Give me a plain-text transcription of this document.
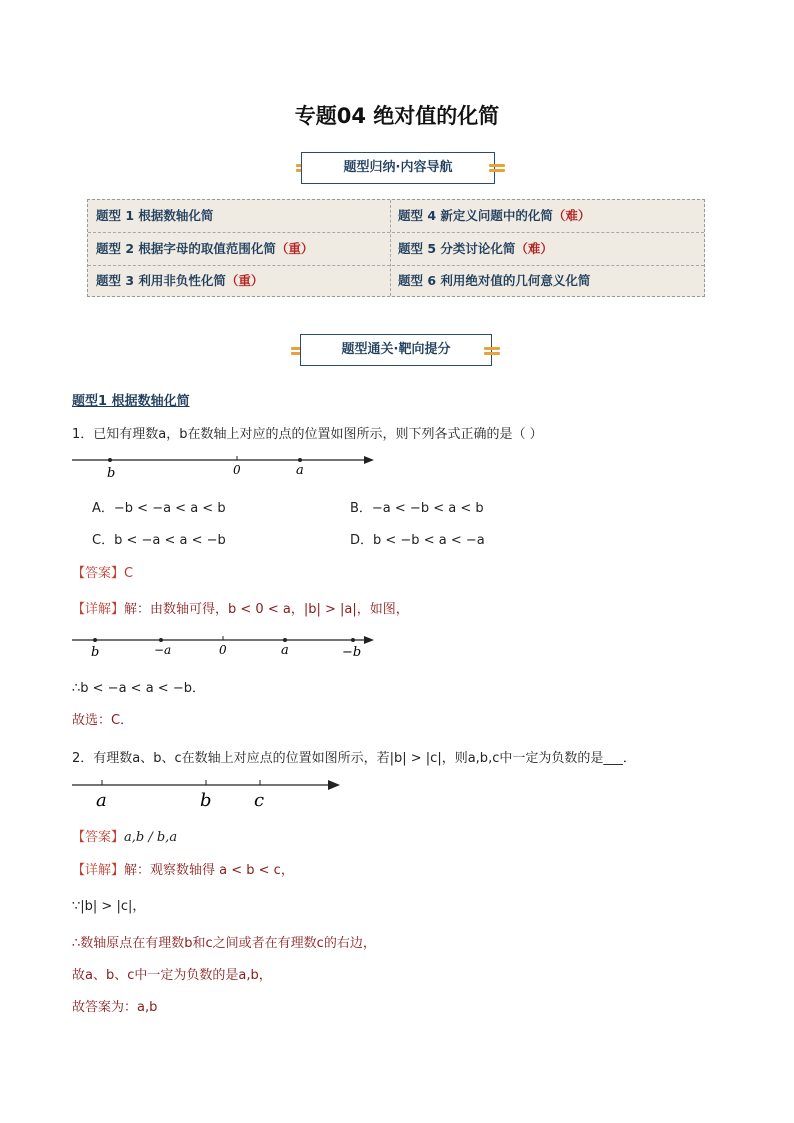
专题04 绝对值的化简
题型归纳·内容导航
题型 1 根据数轴化简	题型 4 新定义问题中的化简（难）
题型 2 根据字母的取值范围化简（重）	题型 5 分类讨论化简（难）
题型 3 利用非负性化简（重）	题型 6 利用绝对值的几何意义化简
题型通关·靶向提分
题型1 根据数轴化简
1．已知有理数a，b在数轴上对应的点的位置如图所示，则下列各式正确的是（ ）
b	0	a
A．−b < −a < a < b	B．−a < −b < a < b
C．b < −a < a < −b	D．b < −b < a < −a
【答案】C
【详解】解：由数轴可得，b < 0 < a，|b| > |a|，如图，
b	−a	0	a	−b
∴b < −a < a < −b．
故选：C．
2．有理数a、b、c在数轴上对应点的位置如图所示，若|b| > |c|，则a,b,c中一定为负数的是___．
a	b c
【答案】a,b / b,a
【详解】解：观察数轴得 a < b < c，
∵|b| > |c|，
∴数轴原点在有理数b和c之间或者在有理数c的右边，
故a、b、c中一定为负数的是a,b，
故答案为：a,b
